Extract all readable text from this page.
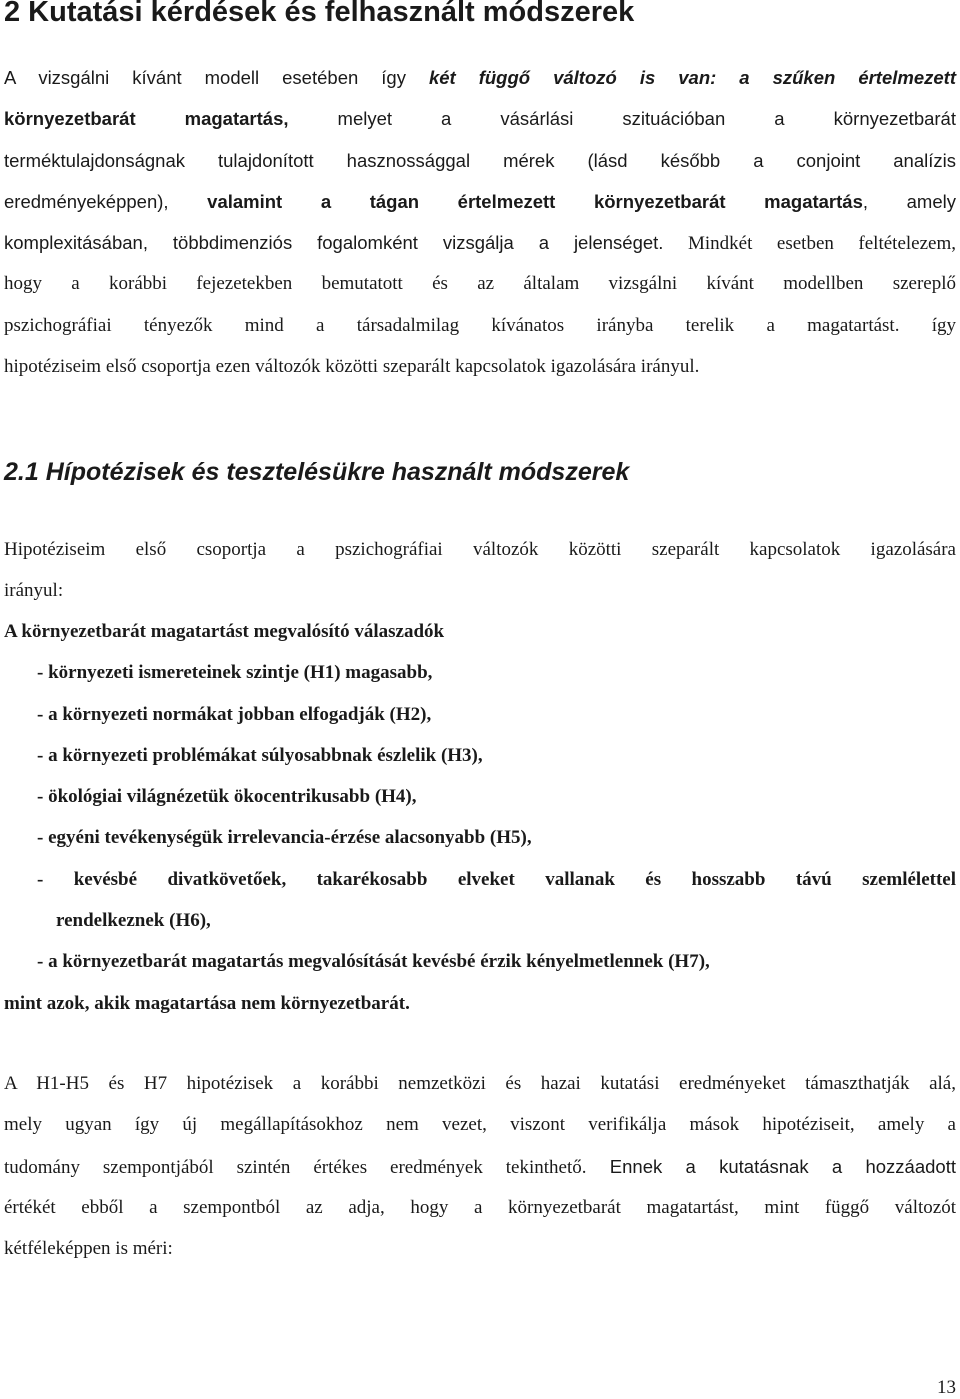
2 Kutatási kérdések és felhasznált módszerek
A vizsgálni kívánt modell esetében így két függő változó is van: a szűken értelmezett
környezetbarát magatartás, melyet a vásárlási szituációban a környezetbarát
terméktulajdonságnak tulajdonított hasznossággal mérek (lásd később a conjoint analízis
eredményeképpen), valamint a tágan értelmezett környezetbarát magatartás, amely
komplexitásában, többdimenziós fogalomként vizsgálja a jelenséget. Mindkét esetben feltételezem,
hogy a korábbi fejezetekben bemutatott és az általam vizsgálni kívánt modellben szereplő
pszichográfiai tényezők mind a társadalmilag kívánatos irányba terelik a magatartást. így
hipotéziseim első csoportja ezen változók közötti szeparált kapcsolatok igazolására irányul.
2.1 Hípotézisek és tesztelésükre használt módszerek
Hipotéziseim első csoportja a pszichográfiai változók közötti szeparált kapcsolatok igazolására
irányul:
A környezetbarát magatartást megvalósító válaszadók
- környezeti ismereteinek szintje (H1) magasabb,
- a környezeti normákat jobban elfogadják (H2),
- a környezeti problémákat súlyosabbnak észlelik (H3),
- ökológiai világnézetük ökocentrikusabb (H4),
- egyéni tevékenységük irrelevancia-érzése alacsonyabb (H5),
- kevésbé divatkövetőek, takarékosabb elveket vallanak és hosszabb távú szemlélettel
rendelkeznek (H6),
- a környezetbarát magatartás megvalósítását kevésbé érzik kényelmetlennek (H7),
mint azok, akik magatartása nem környezetbarát.
A H1-H5 és H7 hipotézisek a korábbi nemzetközi és hazai kutatási eredményeket támaszthatják alá,
mely ugyan így új megállapításokhoz nem vezet, viszont verifikálja mások hipotéziseit, amely a
tudomány szempontjából szintén értékes eredmények tekinthető. Ennek a kutatásnak a hozzáadott
értékét ebből a szempontból az adja, hogy a környezetbarát magatartást, mint függő változót
kétféleképpen is méri:
13
